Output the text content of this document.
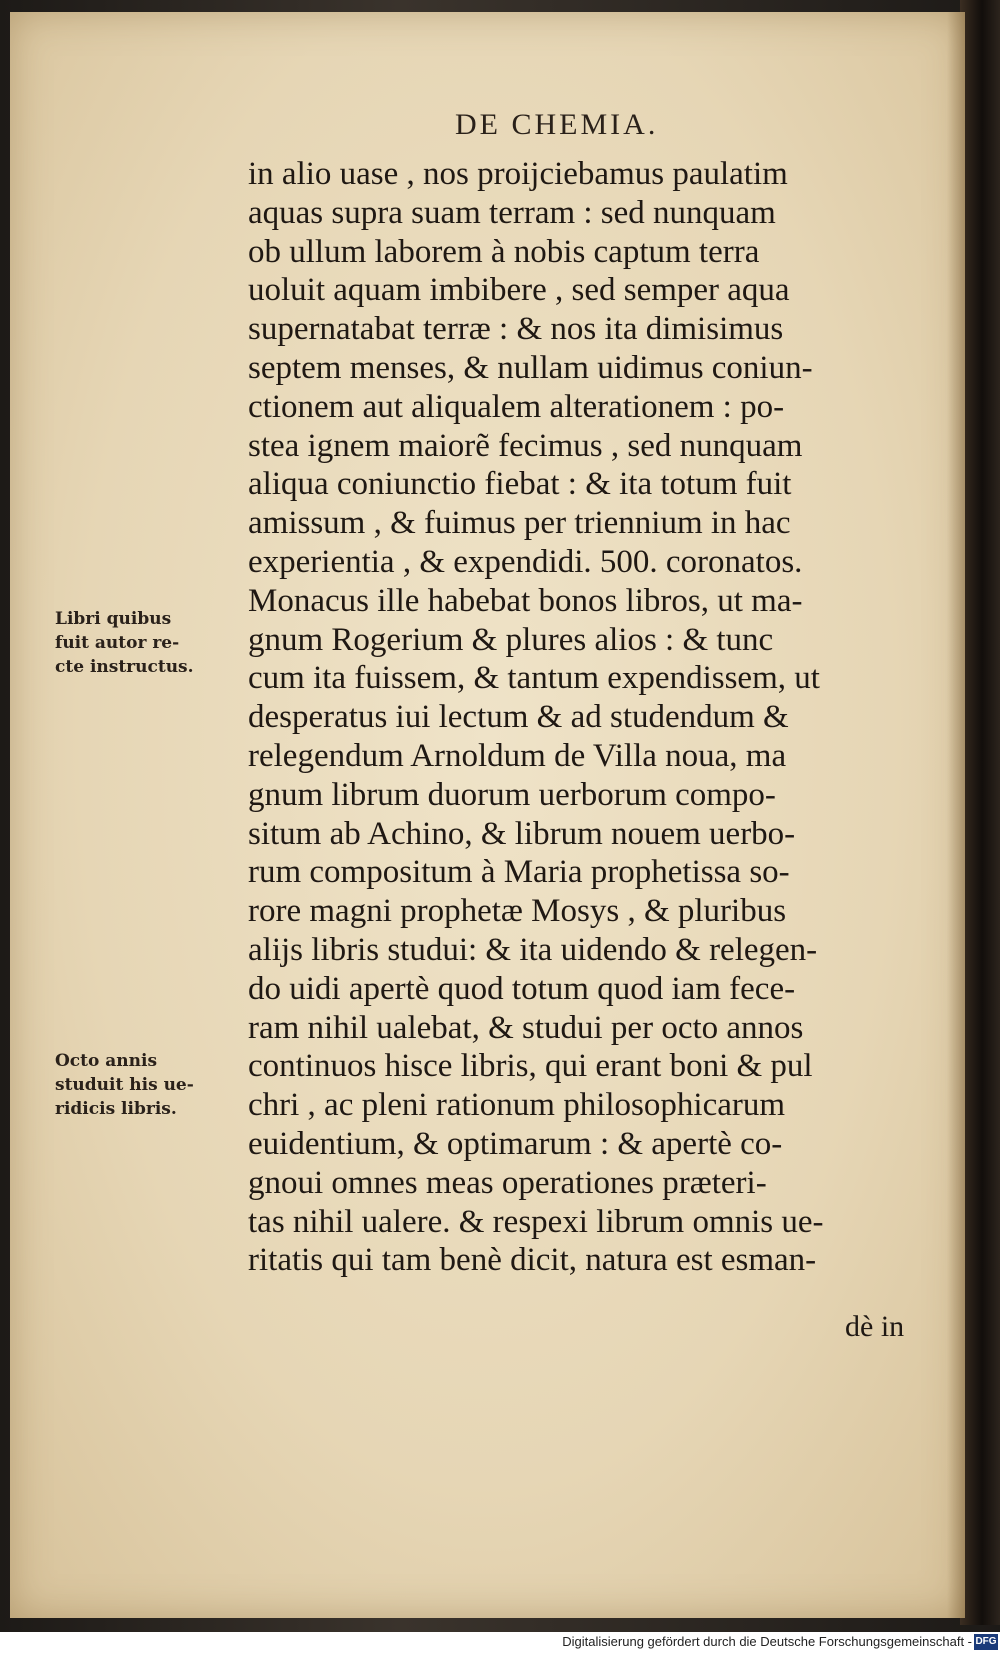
DE CHEMIA.
in alio uase , nos proijciebamus paulatim
aquas supra suam terram : sed nunquam
ob ullum laborem à nobis captum terra
uoluit aquam imbibere , sed semper aqua
supernatabat terræ : & nos ita dimisimus
septem menses, & nullam uidimus coniun-
ctionem aut aliqualem alterationem : po-
stea ignem maiorẽ fecimus , sed nunquam
aliqua coniunctio fiebat : & ita totum fuit
amissum , & fuimus per triennium in hac
experientia , & expendidi. 500. coronatos.
Monacus ille habebat bonos libros, ut ma-
gnum Rogerium & plures alios : & tunc
cum ita fuissem, & tantum expendissem, ut
desperatus iui lectum & ad studendum &
relegendum Arnoldum de Villa noua, ma
gnum librum duorum uerborum compo-
situm ab Achino, & librum nouem uerbo-
rum compositum à Maria prophetissa so-
rore magni prophetæ Mosys , & pluribus
alijs libris studui: & ita uidendo & relegen-
do uidi apertè quod totum quod iam fece-
ram nihil ualebat, & studui per octo annos
continuos hisce libris, qui erant boni & pul
chri , ac pleni rationum philosophicarum
euidentium, & optimarum : & apertè co-
gnoui omnes meas operationes præteri-
tas nihil ualere. & respexi librum omnis ue-
ritatis qui tam benè dicit, natura est esman-
dè in
Libri quibus
fuit autor re-
cte instructus.
Octo annis
studuit his ue-
ridicis libris.
Digitalisierung gefördert durch die Deutsche Forschungsgemeinschaft - DFG
